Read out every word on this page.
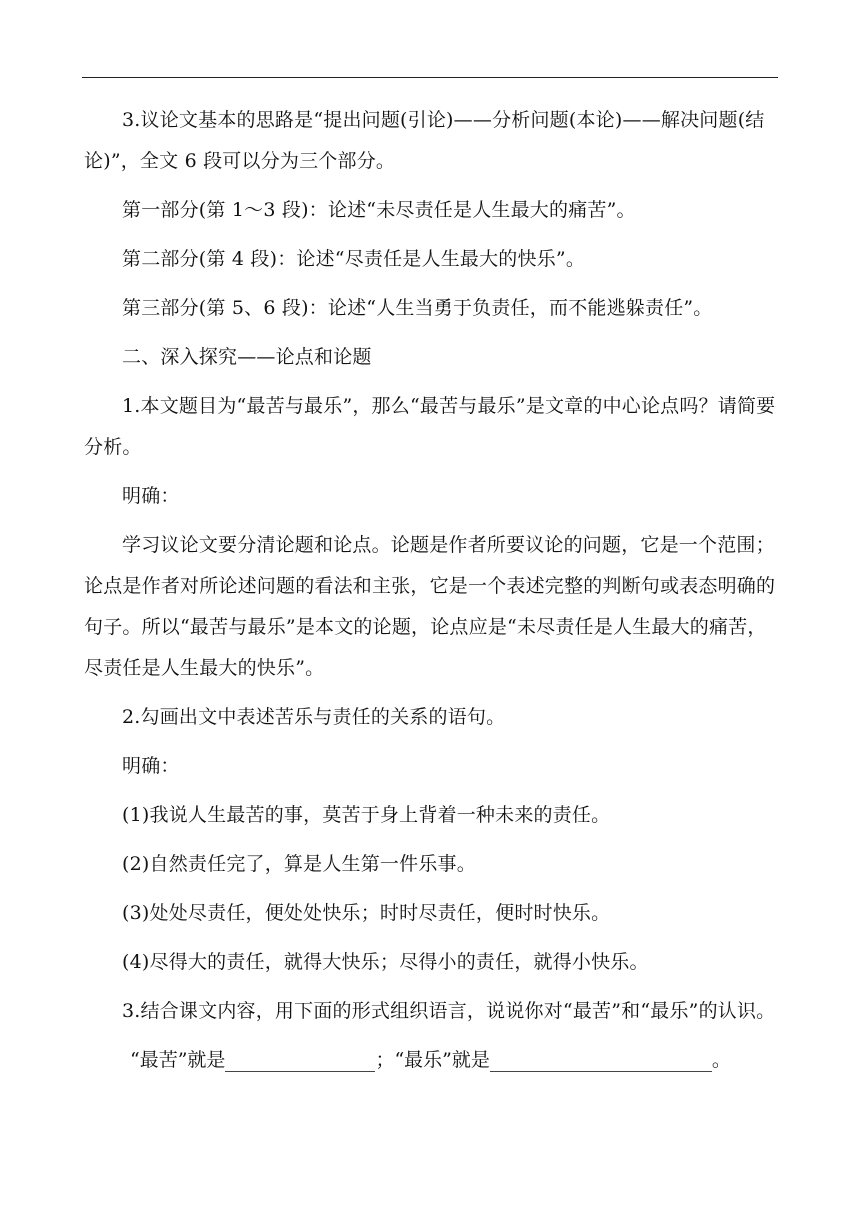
3.议论文基本的思路是“提出问题(引论)——分析问题(本论)——解决问题(结论)”，全文 6 段可以分为三个部分。

第一部分(第 1～3 段)：论述“未尽责任是人生最大的痛苦”。

第二部分(第 4 段)：论述“尽责任是人生最大的快乐”。

第三部分(第 5、6 段)：论述“人生当勇于负责任，而不能逃躲责任”。

二、深入探究——论点和论题

1.本文题目为“最苦与最乐”，那么“最苦与最乐”是文章的中心论点吗？请简要分析。

明确：

学习议论文要分清论题和论点。论题是作者所要议论的问题，它是一个范围；论点是作者对所论述问题的看法和主张，它是一个表述完整的判断句或表态明确的句子。所以“最苦与最乐”是本文的论题，论点应是“未尽责任是人生最大的痛苦，尽责任是人生最大的快乐”。

2.勾画出文中表述苦乐与责任的关系的语句。

明确：

(1)我说人生最苦的事，莫苦于身上背着一种未来的责任。

(2)自然责任完了，算是人生第一件乐事。

(3)处处尽责任，便处处快乐；时时尽责任，便时时快乐。

(4)尽得大的责任，就得大快乐；尽得小的责任，就得小快乐。

3.结合课文内容，用下面的形式组织语言，说说你对“最苦”和“最乐”的认识。

“最苦”就是	；“最乐”就是	。
